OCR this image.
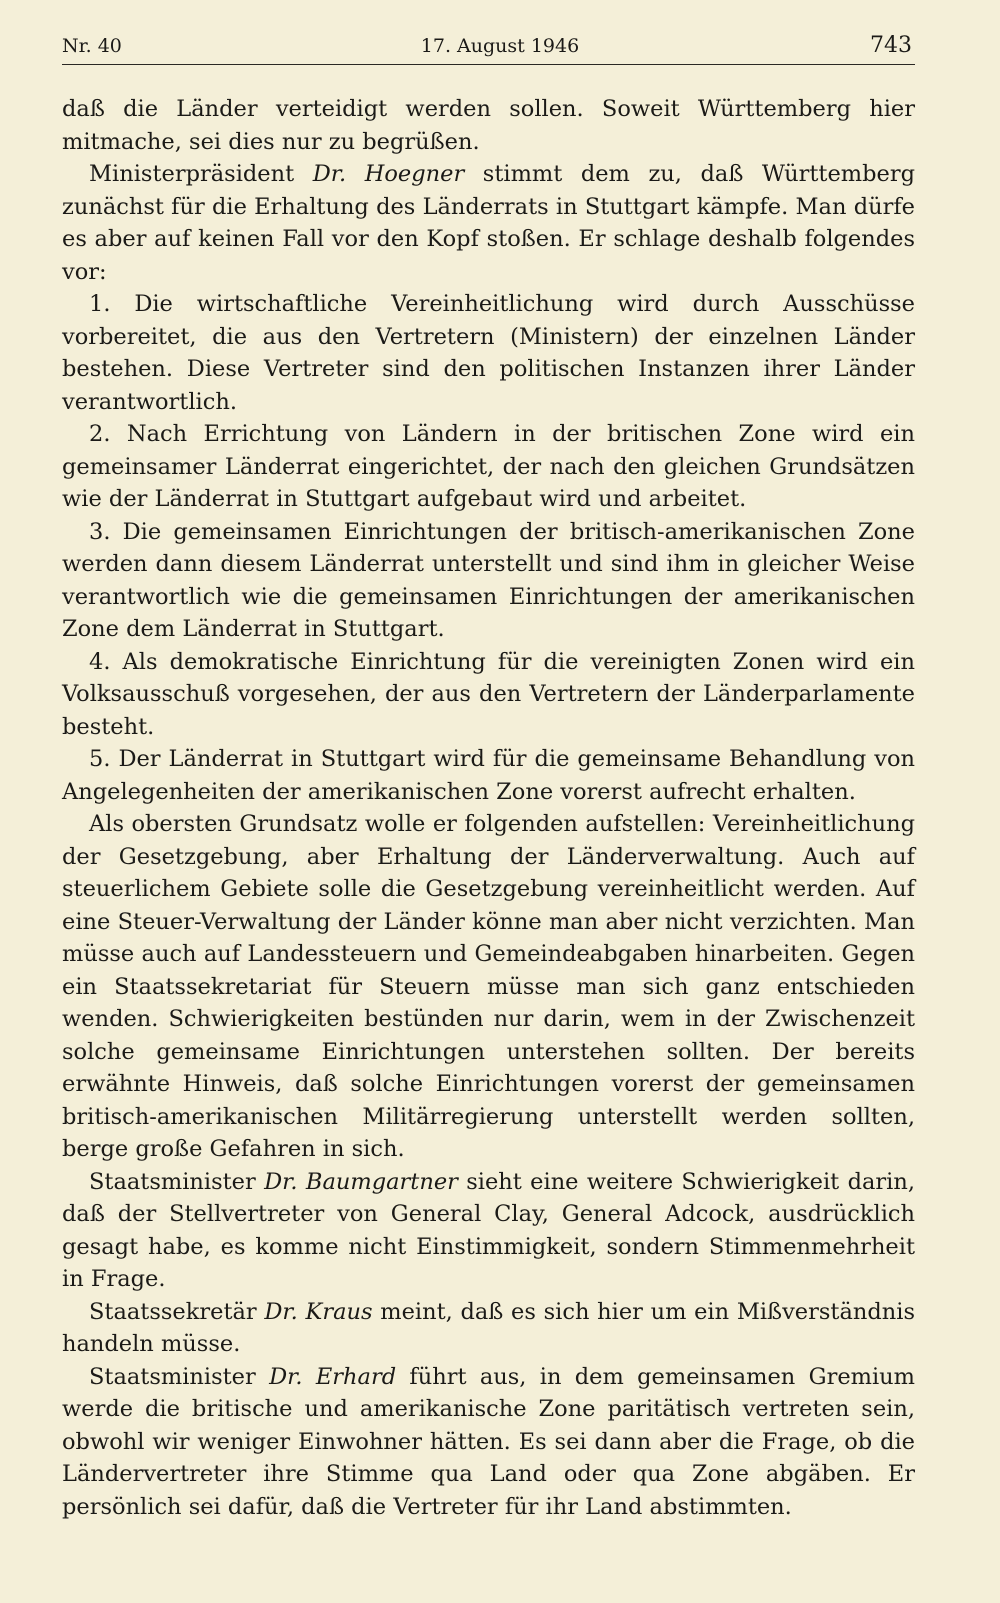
Nr. 40	17. August 1946	743

daß die Länder verteidigt werden sollen. Soweit Württemberg hier mitmache, sei dies nur zu begrüßen.

Ministerpräsident Dr. Hoegner stimmt dem zu, daß Württemberg zunächst für die Erhaltung des Länderrats in Stuttgart kämpfe. Man dürfe es aber auf keinen Fall vor den Kopf stoßen. Er schlage deshalb folgendes vor:

1. Die wirtschaftliche Vereinheitlichung wird durch Ausschüsse vorbereitet, die aus den Vertretern (Ministern) der einzelnen Länder bestehen. Diese Vertreter sind den politischen Instanzen ihrer Länder verantwortlich.

2. Nach Errichtung von Ländern in der britischen Zone wird ein gemeinsamer Länderrat eingerichtet, der nach den gleichen Grundsätzen wie der Länderrat in Stuttgart aufgebaut wird und arbeitet.

3. Die gemeinsamen Einrichtungen der britisch-amerikanischen Zone werden dann diesem Länderrat unterstellt und sind ihm in gleicher Weise verantwortlich wie die gemeinsamen Einrichtungen der amerikanischen Zone dem Länderrat in Stuttgart.

4. Als demokratische Einrichtung für die vereinigten Zonen wird ein Volksausschuß vorgesehen, der aus den Vertretern der Länderparlamente besteht.

5. Der Länderrat in Stuttgart wird für die gemeinsame Behandlung von Angelegenheiten der amerikanischen Zone vorerst aufrecht erhalten.

Als obersten Grundsatz wolle er folgenden aufstellen: Vereinheitlichung der Gesetzgebung, aber Erhaltung der Länderverwaltung. Auch auf steuerlichem Gebiete solle die Gesetzgebung vereinheitlicht werden. Auf eine Steuer-Verwaltung der Länder könne man aber nicht verzichten. Man müsse auch auf Landessteuern und Gemeindeabgaben hinarbeiten. Gegen ein Staatssekretariat für Steuern müsse man sich ganz entschieden wenden. Schwierigkeiten bestünden nur darin, wem in der Zwischenzeit solche gemeinsame Einrichtungen unterstehen sollten. Der bereits erwähnte Hinweis, daß solche Einrichtungen vorerst der gemeinsamen britisch-amerikanischen Militärregierung unterstellt werden sollten, berge große Gefahren in sich.

Staatsminister Dr. Baumgartner sieht eine weitere Schwierigkeit darin, daß der Stellvertreter von General Clay, General Adcock, ausdrücklich gesagt habe, es komme nicht Einstimmigkeit, sondern Stimmenmehrheit in Frage.

Staatssekretär Dr. Kraus meint, daß es sich hier um ein Mißverständnis handeln müsse.

Staatsminister Dr. Erhard führt aus, in dem gemeinsamen Gremium werde die britische und amerikanische Zone paritätisch vertreten sein, obwohl wir weniger Einwohner hätten. Es sei dann aber die Frage, ob die Ländervertreter ihre Stimme qua Land oder qua Zone abgäben. Er persönlich sei dafür, daß die Vertreter für ihr Land abstimmten.
